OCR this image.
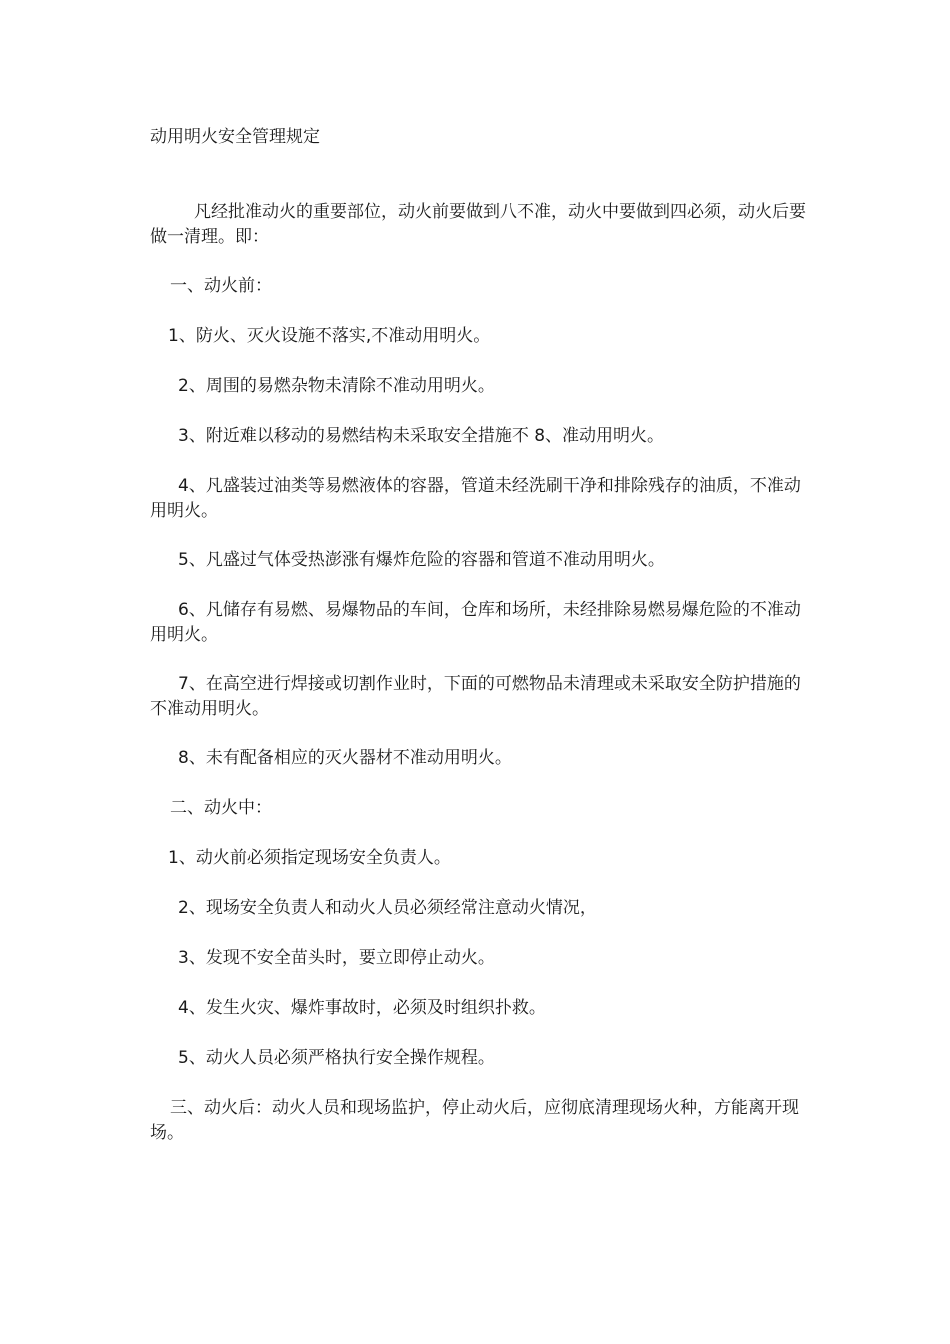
动用明火安全管理规定

凡经批准动火的重要部位，动火前要做到八不准，动火中要做到四必须，动火后要做一清理。即：

一、动火前：

1、防火、灭火设施不落实,不准动用明火。

2、周围的易燃杂物未清除不准动用明火。

3、附近难以移动的易燃结构未采取安全措施不 8、准动用明火。

4、凡盛装过油类等易燃液体的容器，管道未经洗刷干净和排除残存的油质，不准动用明火。

5、凡盛过气体受热澎涨有爆炸危险的容器和管道不准动用明火。

6、凡储存有易燃、易爆物品的车间，仓库和场所，未经排除易燃易爆危险的不准动用明火。

7、在高空进行焊接或切割作业时，下面的可燃物品未清理或未采取安全防护措施的不准动用明火。

8、未有配备相应的灭火器材不准动用明火。

二、动火中：

1、动火前必须指定现场安全负责人。

2、现场安全负责人和动火人员必须经常注意动火情况，

3、发现不安全苗头时，要立即停止动火。

4、发生火灾、爆炸事故时，必须及时组织扑救。

5、动火人员必须严格执行安全操作规程。

三、动火后：动火人员和现场监护，停止动火后，应彻底清理现场火种，方能离开现场。
